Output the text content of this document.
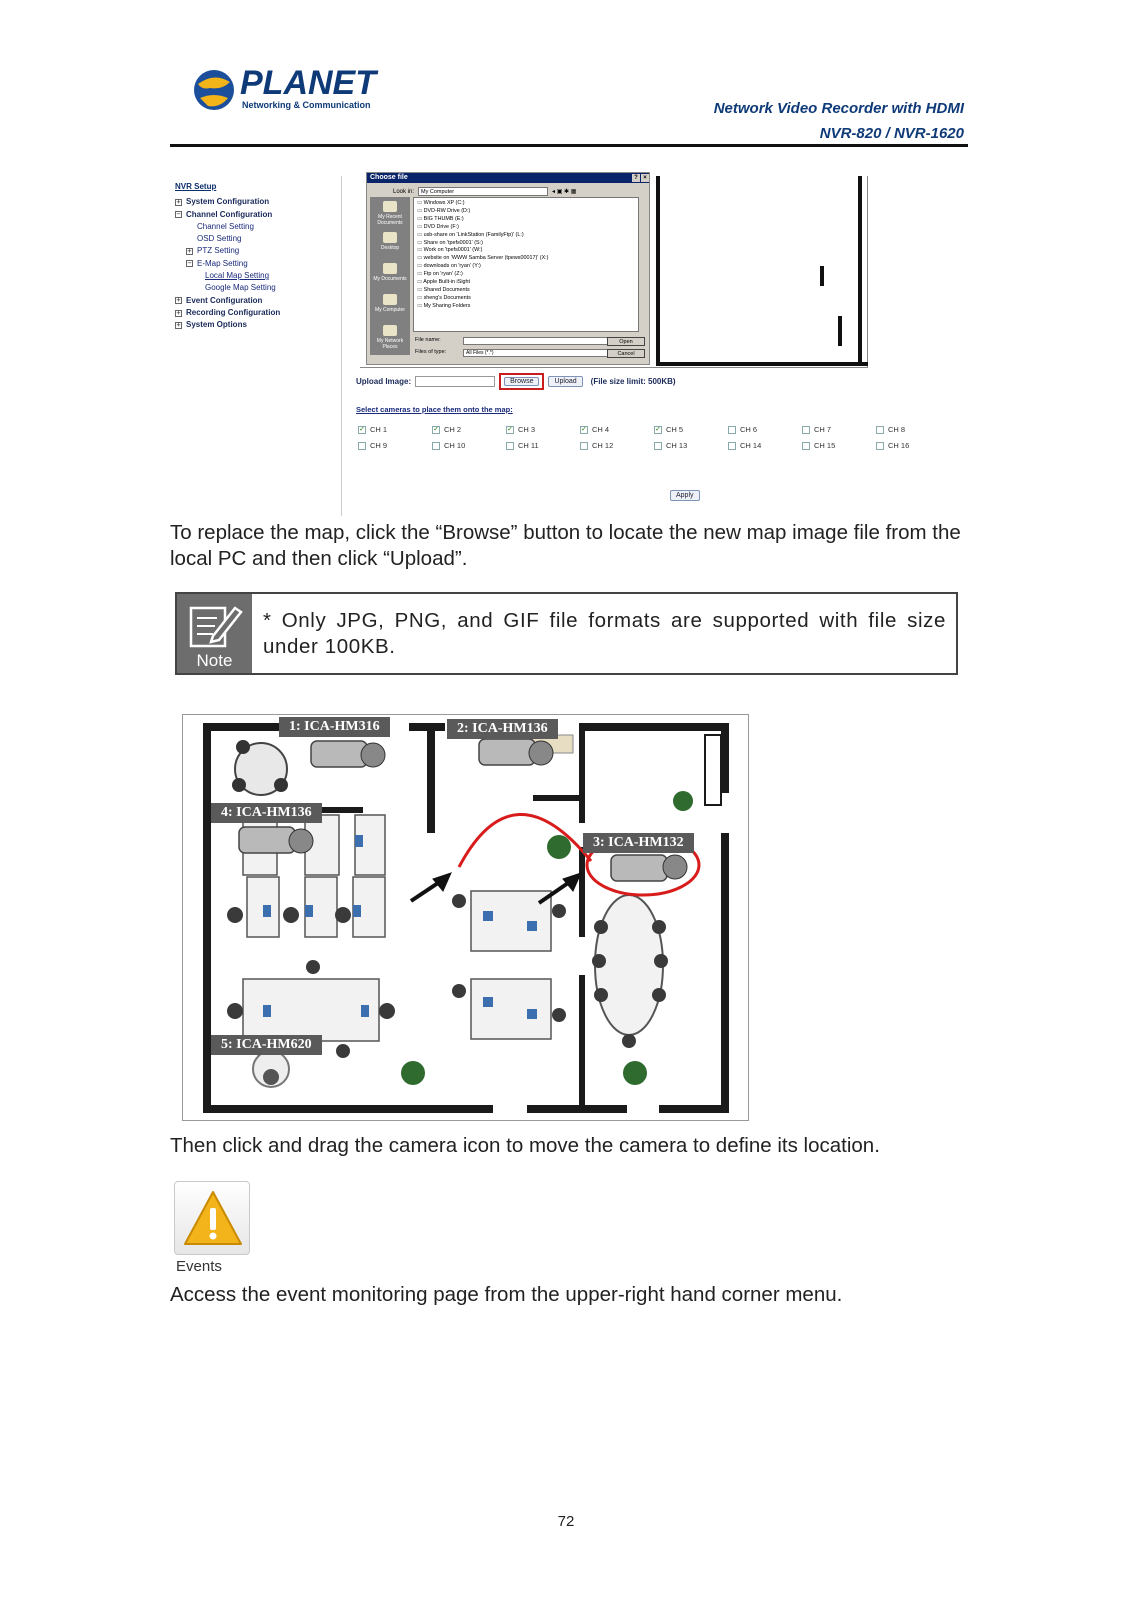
PLANET
Networking & Communication	Network Video Recorder with HDMI
NVR-820 / NVR-1620
NVR Setup
+ System Configuration
− Channel Configuration
Channel Setting
OSD Setting
+ PTZ Setting
− E-Map Setting
Local Map Setting
Google Map Setting
+ Event Configuration
+ Recording Configuration
+ System Options
Choose file	? ×
Look in:	My Computer	◂ ▣ ✱ ▦
My Recent Documents
Desktop
My Documents
My Computer
My Network Places
▭ Windows XP (C:)
▭ DVD-RW Drive (D:)
▭ BIG THUMB (E:)
▭ DVD Drive (F:)
▭ usb-share on 'LinkStation (FamilyFtp)' (L:)
▭ Share on 'tpefs0001' (S:)
▭ Work on 'tpefs0001' (W:)
▭ website on 'WWW Samba Server (tpews00017)' (X:)
▭ downloads on 'ryan' (Y:)
▭ Ftp on 'ryan' (Z:)
▭ Apple Built-in iSight
▭ Shared Documents
▭ sheng's Documents
▭ My Sharing Folders
File name:
Files of type:	All Files (*.*)
Open
Cancel
Upload Image:	Browse	Upload	(File size limit: 500KB)
Select cameras to place them onto the map:
✓ CH 1	✓ CH 2	✓ CH 3	✓ CH 4	✓ CH 5	CH 6	CH 7	CH 8
CH 9	CH 10	CH 11	CH 12	CH 13	CH 14	CH 15	CH 16
Apply

To replace the map, click the “Browse” button to locate the new map image file from the local PC and then click “Upload”.

Note
* Only JPG, PNG, and GIF file formats are supported with file size under 100KB.
1: ICA-HM316	2: ICA-HM136
3: ICA-HM132
4: ICA-HM136
5: ICA-HM620

Then click and drag the camera icon to move the camera to define its location.

Events

Access the event monitoring page from the upper-right hand corner menu.

72
